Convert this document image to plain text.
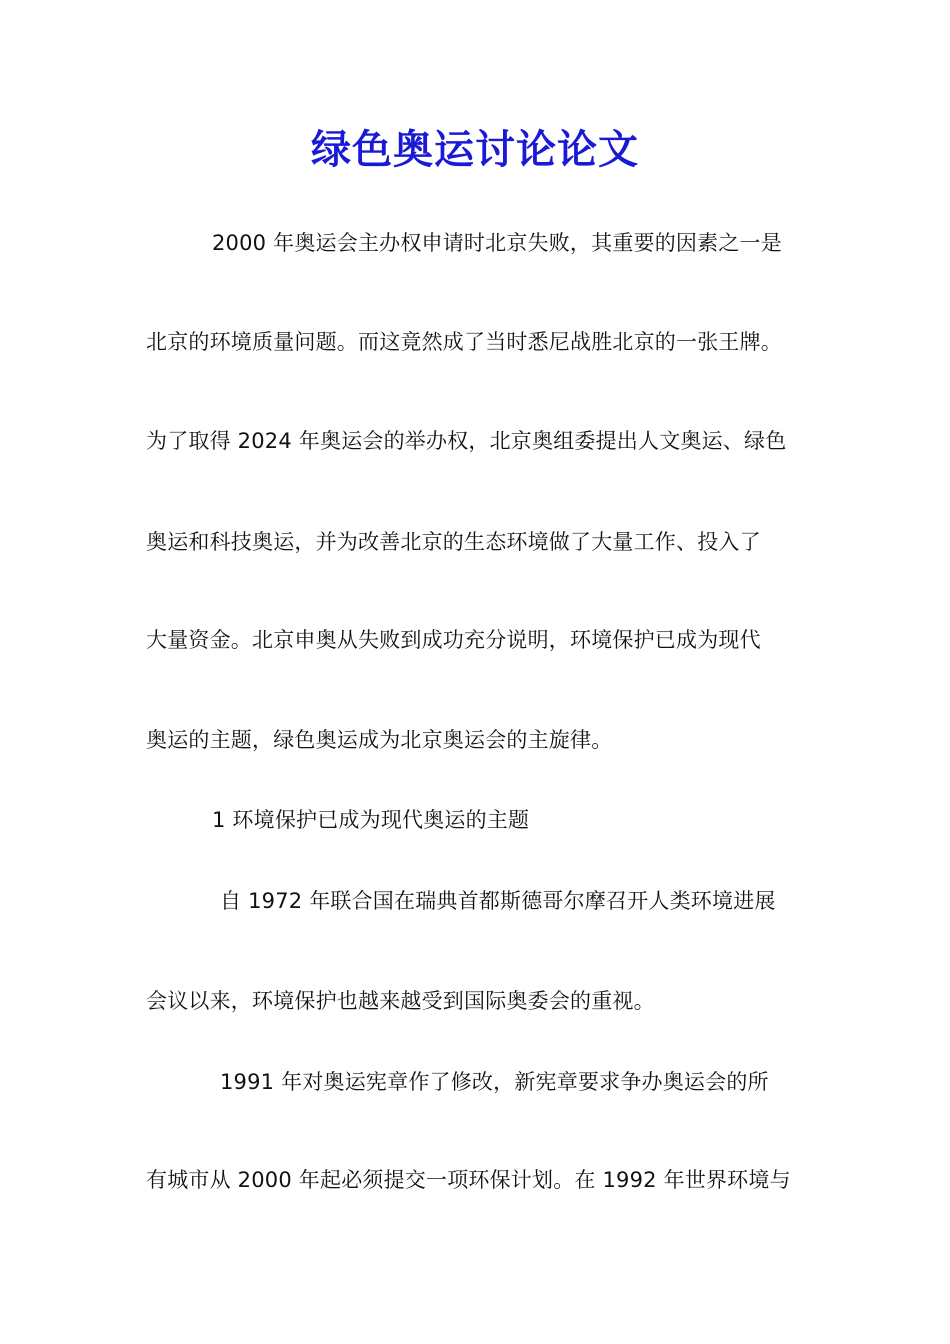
绿色奥运讨论论文
2000 年奥运会主办权申请时北京失败，其重要的因素之一是
北京的环境质量问题。而这竟然成了当时悉尼战胜北京的一张王牌。
为了取得 2024 年奥运会的举办权，北京奥组委提出人文奥运、绿色
奥运和科技奥运，并为改善北京的生态环境做了大量工作、投入了
大量资金。北京申奥从失败到成功充分说明，环境保护已成为现代
奥运的主题，绿色奥运成为北京奥运会的主旋律。
1 环境保护已成为现代奥运的主题
自 1972 年联合国在瑞典首都斯德哥尔摩召开人类环境进展
会议以来，环境保护也越来越受到国际奥委会的重视。
1991 年对奥运宪章作了修改，新宪章要求争办奥运会的所
有城市从 2000 年起必须提交一项环保计划。在 1992 年世界环境与
